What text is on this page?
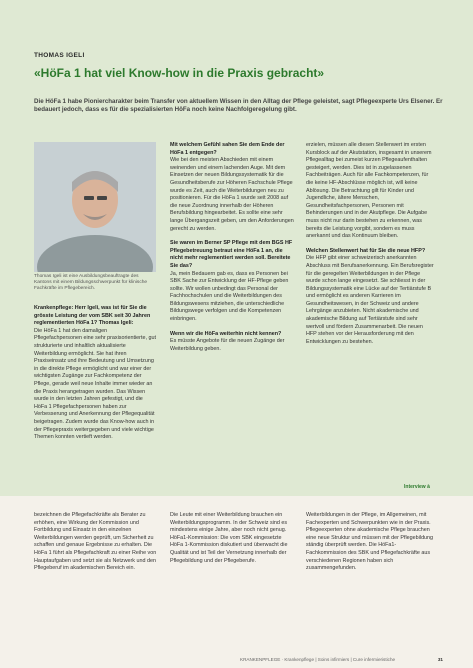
THOMAS IGELI
«HöFa 1 hat viel Know-how in die Praxis gebracht»
Die HöFa 1 habe Pioniercharakter beim Transfer von aktuellem Wissen in den Alltag der Pflege geleistet, sagt Pflegeexperte Urs Elsener. Er bedauert jedoch, dass es für die spezialisierten HöFa noch keine Nachfolgeregelung gibt.
Thomas Igeli ist eine Ausbildungsbeauftragte des Kantons mit einem Bildungsschwerpunkt für klinische Fachkräfte im Pflegebereich.

Krankenpflege: Herr Igeli, was ist für Sie die grösste Leistung der vom SBK seit 30 Jahren reglementierten HöFa 1? Thomas Igeli:
Die HöFa 1 hat den damaligen Pflegefachpersonen eine sehr praxisorientierte, gut strukturierte und inhaltlich aktualisierte Weiterbildung ermöglicht. Sie hat ihren Praxiseinsatz und ihre Bedeutung und Umsetzung in die direkte Pflege ermöglicht und war einer der wichtigsten Zugänge zur Fachkompetenz der Pflege, gerade weil neue Inhalte immer wieder an die Praxis herangetragen wurden. Das Wissen wurde in den letzten Jahren gefestigt, und die HöFa 1 Pflegefachpersonen haben zur Verbesserung und Anerkennung der Pflegequalität beigetragen. Zudem wurde das Know-how auch in der Pflegepraxis weitergegeben und viele wichtige Themen konnten vertieft werden.

Mit welchem Gefühl sahen Sie dem Ende der HöFa 1 entgegen?
Wie bei den meisten Abschieden mit einem weinenden und einem lachenden Auge. Mit dem Einsetzen der neuen Bildungssystematik für die Gesundheitsberufe zur Höheren Fachschule Pflege wurde es Zeit, auch die Weiterbildungen neu zu positionieren. Für die HöFa 1 wurde seit 2008 auf die neue Zuordnung innerhalb der Höheren Berufsbildung hingearbeitet. Es sollte eine sehr lange Übergangszeit geben, um den Anforderungen gerecht zu werden.

Sie waren im Berner SP Pflege mit dem BGS HF Pflegebetreuung betraut eine HöFa 1 an, die nicht mehr reglementiert werden soll. Bereitete Sie das?
Ja, mein Bedauern gab es, dass es Personen bei SBK Sache zur Entwicklung der HF-Pflege geben sollte. Wir wollen unbedingt das Personal der Fachhochschulen und die Weiterbildungen des Bildungswesens mitziehen, die unterschiedliche Bildungswege verfolgen und die Kompetenzen einbringen.

Wenn wir die HöFa weiterhin nicht kennen?
Es müsste Angebote für die neuen Zugänge der Weiterbildung geben.

erzielen, müssen alle diesen Stellenwert im ersten Kursblock auf der Akutstation, insgesamt in unserem Pflegealltag bei zumeist kurzen Pflegeaufenthalten gesteigert, werden. Dies ist in zugelassenen Fachbeiträgen. Auch für alle Fachkompetenzen, für die keine HF-Abschlüsse möglich ist, will keine Ablösung. Die Betrachtung gilt für Kinder und Jugendliche, ältere Menschen, Gesundheitsfachpersonen, Personen mit Behinderungen und in der Akutpflege. Die Aufgabe muss nicht nur darin bestehen zu erkennen, was bereits die Leistung vorgibt, sondern es muss anerkannt und das Kontinuum bleiben.

Welchen Stellenwert hat für Sie die neue HFP?
Die HFP gibt einer schweizerisch anerkannten Abschluss mit Berufsanerkennung. Ein Berufsregister für die geregelten Weiterbildungen in der Pflege wurde schon lange eingesetzt. Sie schliesst in der Bildungssystematik eine Lücke auf der Tertiärstufe B und ermöglicht es anderen Karrieren im Gesundheitswesen, in der Schweiz und andere Lehrgänge anzubieten. Nicht akademische und akademische Bildung auf Tertiärstufe sind sehr wertvoll und fördern Zusammenarbeit. Die neuen HFP stehen vor der Herausforderung mit den Entwicklungen zu bestehen.

Interview à

bezeichnen die Pflegefachkräfte als Berater zu erhöhen, eine Wirkung der Kommission und Fortbildung und Einsatz in den einzelnen Weiterbildungen werden geprüft, um Sicherheit zu schaffen und genaue Ergebnisse zu erhalten. Die HöFa 1 führt als Pflegefachkraft zu einer Reihe von Hauptaufgaben und setzt sie als Netzwerk und den Pflegeberuf im akademischen Bereich ein.

Die Leute mit einer Weiterbildung brauchen ein Weiterbildungsprogramm. In der Schweiz sind es mindestens einige Jahre, aber noch nicht genug. HöFa1-Kommission: Die vom SBK eingesetzte HöFa 1-Kommission diskutiert und überwacht die Qualität und ist Teil der Vernetzung innerhalb der Pflegebildung und der Pflegeberufe.

Weiterbildungen in der Pflege, im Allgemeinen, mit Fachexperten und Schwerpunkten wie in der Praxis. Pflegeexperten ohne akademische Pflege brauchen eine neue Struktur und müssen mit der Pflegebildung ständig überprüft werden. Die HöFa1-Fachkommission des SBK und Pflegefachkräfte aus verschiedenen Regionen haben sich zusammengefunden.

KRANKENPFLEGE · Krankenpflege | Soins infirmiers | Cure infermieristiche	31
